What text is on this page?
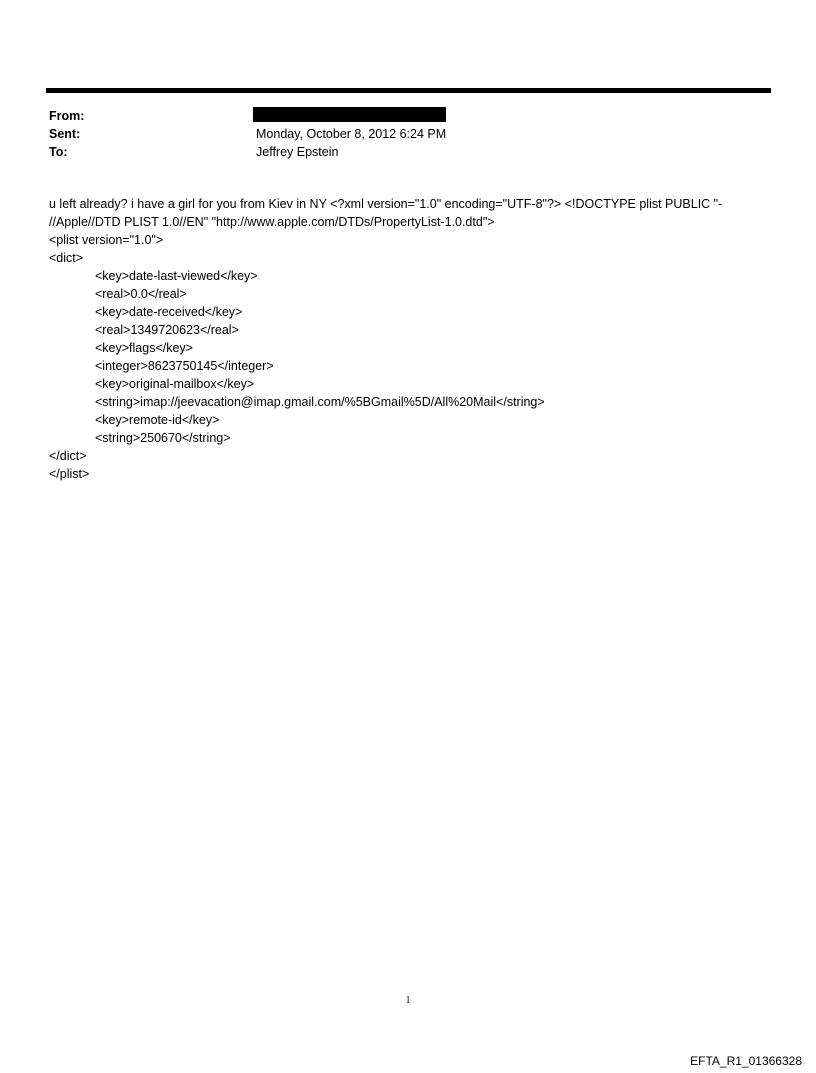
From:
Sent:	Monday, October 8, 2012 6:24 PM
To:	Jeffrey Epstein
u left already? i have a girl for you from Kiev in NY <?xml version="1.0" encoding="UTF-8"?> <!DOCTYPE plist PUBLIC "-
//Apple//DTD PLIST 1.0//EN" "http://www.apple.com/DTDs/PropertyList-1.0.dtd">
<plist version="1.0">
<dict>
<key>date-last-viewed</key>
<real>0.0</real>
<key>date-received</key>
<real>1349720623</real>
<key>flags</key>
<integer>8623750145</integer>
<key>original-mailbox</key>
<string>imap://jeevacation@imap.gmail.com/%5BGmail%5D/All%20Mail</string>
<key>remote-id</key>
<string>250670</string>
</dict>
</plist>
1
EFTA_R1_01366328
